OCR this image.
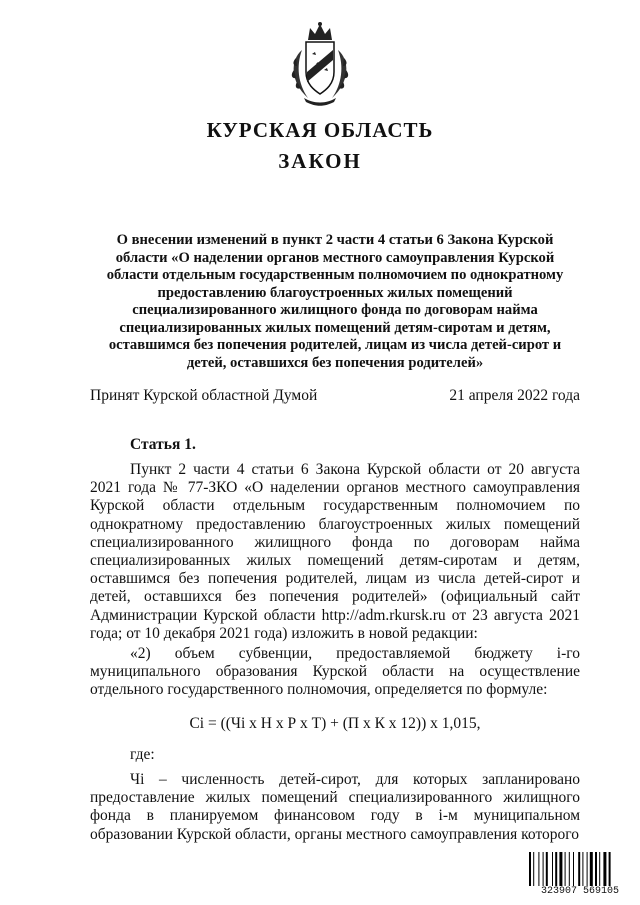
КУРСКАЯ ОБЛАСТЬ
ЗАКОН
О внесении изменений в пункт 2 части 4 статьи 6 Закона Курской области «О наделении органов местного самоуправления Курской области отдельным государственным полномочием по однократному предоставлению благоустроенных жилых помещений специализированного жилищного фонда по договорам найма специализированных жилых помещений детям-сиротам и детям, оставшимся без попечения родителей, лицам из числа детей-сирот и детей, оставшихся без попечения родителей»
Принят Курской областной Думой	21 апреля 2022 года
Статья 1.
Пункт 2 части 4 статьи 6 Закона Курской области от 20 августа 2021 года № 77-ЗКО «О наделении органов местного самоуправления Курской области отдельным государственным полномочием по однократному предоставлению благоустроенных жилых помещений специализированного жилищного фонда по договорам найма специализированных жилых помещений детям-сиротам и детям, оставшимся без попечения родителей, лицам из числа детей-сирот и детей, оставшихся без попечения родителей» (официальный сайт Администрации Курской области http://adm.rkursk.ru от 23 августа 2021 года; от 10 декабря 2021 года) изложить в новой редакции:
«2) объем субвенции, предоставляемой бюджету i-го муниципального образования Курской области на осуществление отдельного государственного полномочия, определяется по формуле:
Сi = ((Чi x Н x Р x Т) + (П x К x 12)) x 1,015,
где:
Чi – численность детей-сирот, для которых запланировано предоставление жилых помещений специализированного жилищного фонда в планируемом финансовом году в i-м муниципальном образовании Курской области, органы местного самоуправления которого
323907 569105
